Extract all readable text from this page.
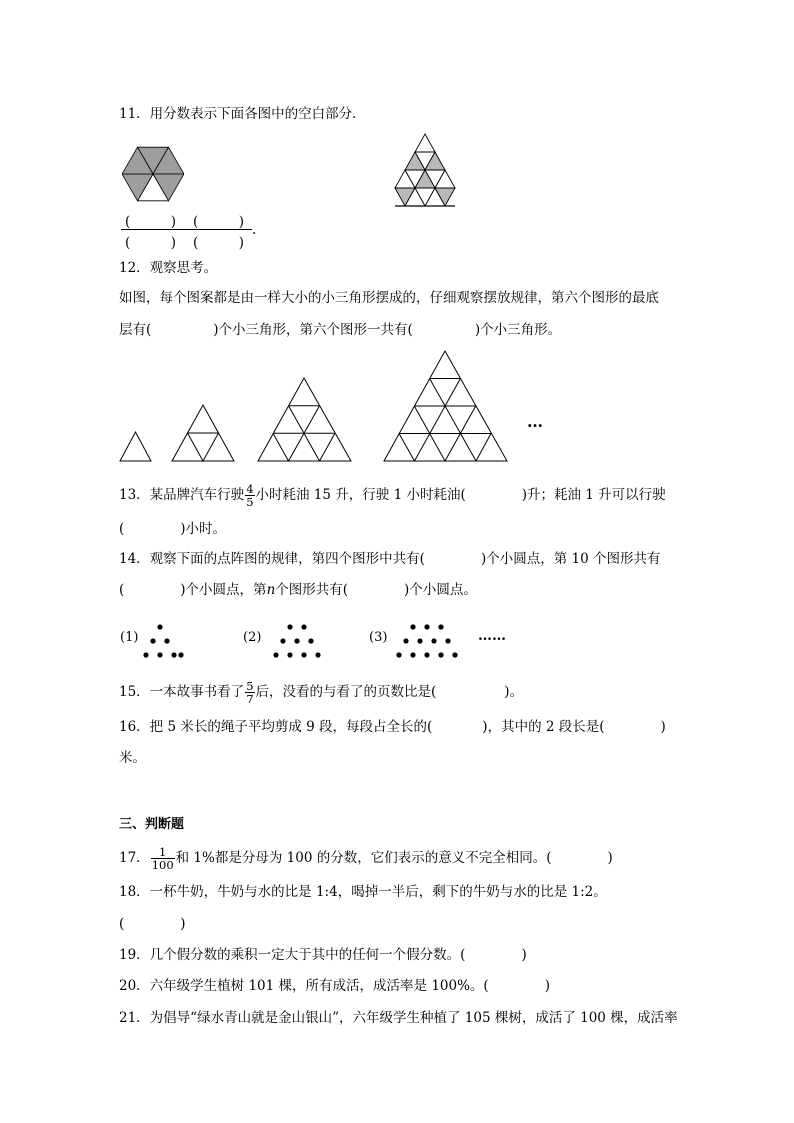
11．用分数表示下面各图中的空白部分．
(　　　) (　　　)
(　　　) (　　　)
.
12．观察思考。
如图，每个图案都是由一样大小的小三角形摆成的，仔细观察摆放规律，第六个图形的最底
层有(	)个小三角形，第六个图形一共有(	)个小三角形。
…
13．某品牌汽车行驶 $\frac{4}{5}$ 小时耗油 15 升，行驶 1 小时耗油(	)升；耗油 1 升可以行驶
(	)小时。
14．观察下面的点阵图的规律，第四个图形中共有(	)个小圆点，第 10 个图形共有
(	)个小圆点，第n个图形共有(	)个小圆点。
(1)	(2)	(3)	……
15．一本故事书看了 $\frac{5}{7}$ 后，没看的与看了的页数比是(	)。
16．把 5 米长的绳子平均剪成 9 段，每段占全长的(	)，其中的 2 段长是(	)
米。
三、判断题
17． $\frac{1}{100}$ 和 1%都是分母为 100 的分数，它们表示的意义不完全相同。(	)
18．一杯牛奶，牛奶与水的比是 1:4，喝掉一半后，剩下的牛奶与水的比是 1:2。
(	)
19．几个假分数的乘积一定大于其中的任何一个假分数。(	)
20．六年级学生植树 101 棵，所有成活，成活率是 100%。(	)
21．为倡导“绿水青山就是金山银山”，六年级学生种植了 105 棵树，成活了 100 棵，成活率
